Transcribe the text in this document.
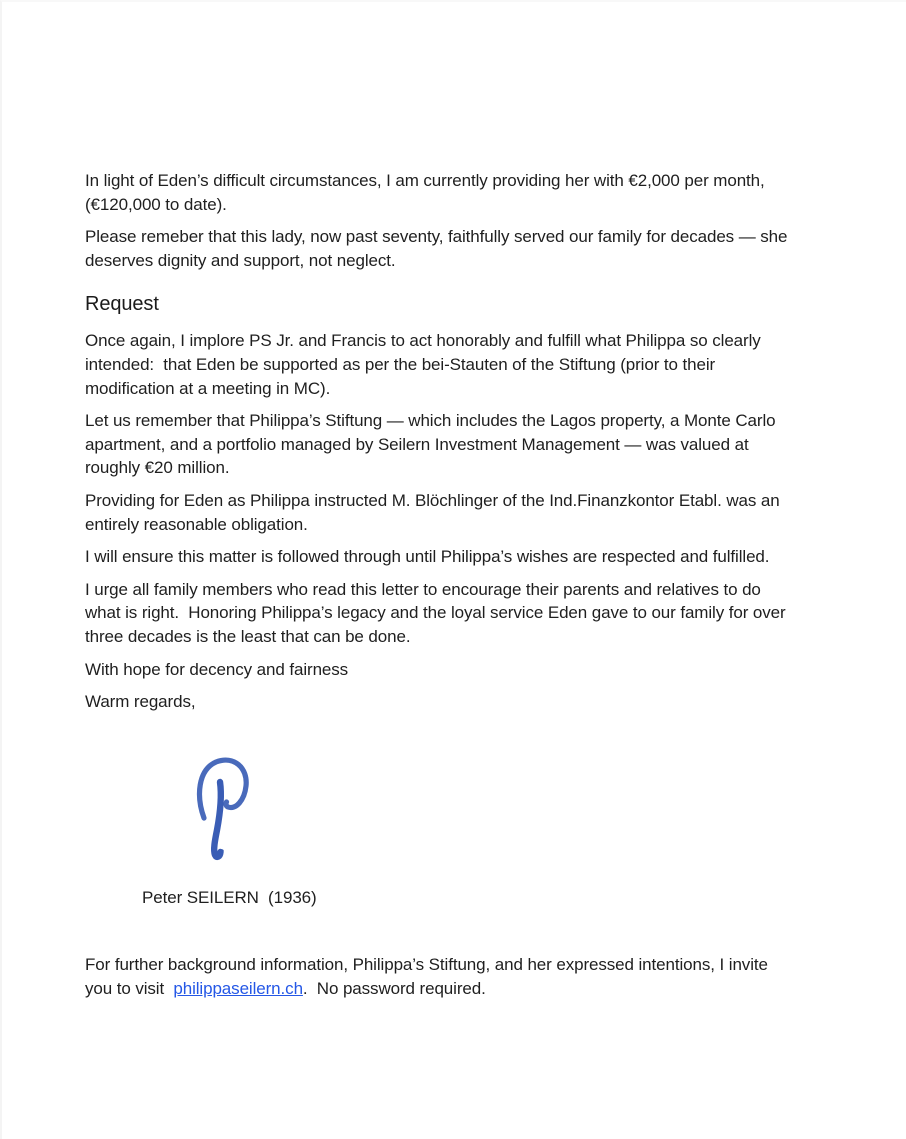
In light of Eden’s difficult circumstances, I am currently providing her with €2,000 per month, (€120,000 to date).

Please remeber that this lady, now past seventy, faithfully served our family for decades — she deserves dignity and support, not neglect.

Request

Once again, I implore PS Jr. and Francis to act honorably and fulfill what Philippa so clearly intended:  that Eden be supported as per the bei-Stauten of the Stiftung (prior to their modification at a meeting in MC).

Let us remember that Philippa’s Stiftung — which includes the Lagos property, a Monte Carlo apartment, and a portfolio managed by Seilern Investment Management — was valued at roughly €20 million.

Providing for Eden as Philippa instructed M. Blöchlinger of the Ind.Finanzkontor Etabl. was an entirely reasonable obligation.

I will ensure this matter is followed through until Philippa’s wishes are respected and fulfilled.

I urge all family members who read this letter to encourage their parents and relatives to do what is right.  Honoring Philippa’s legacy and the loyal service Eden gave to our family for over three decades is the least that can be done.

With hope for decency and fairness

Warm regards,

Peter SEILERN  (1936)

For further background information, Philippa’s Stiftung, and her expressed intentions, I invite you to visit  philippaseilern.ch.  No password required.
